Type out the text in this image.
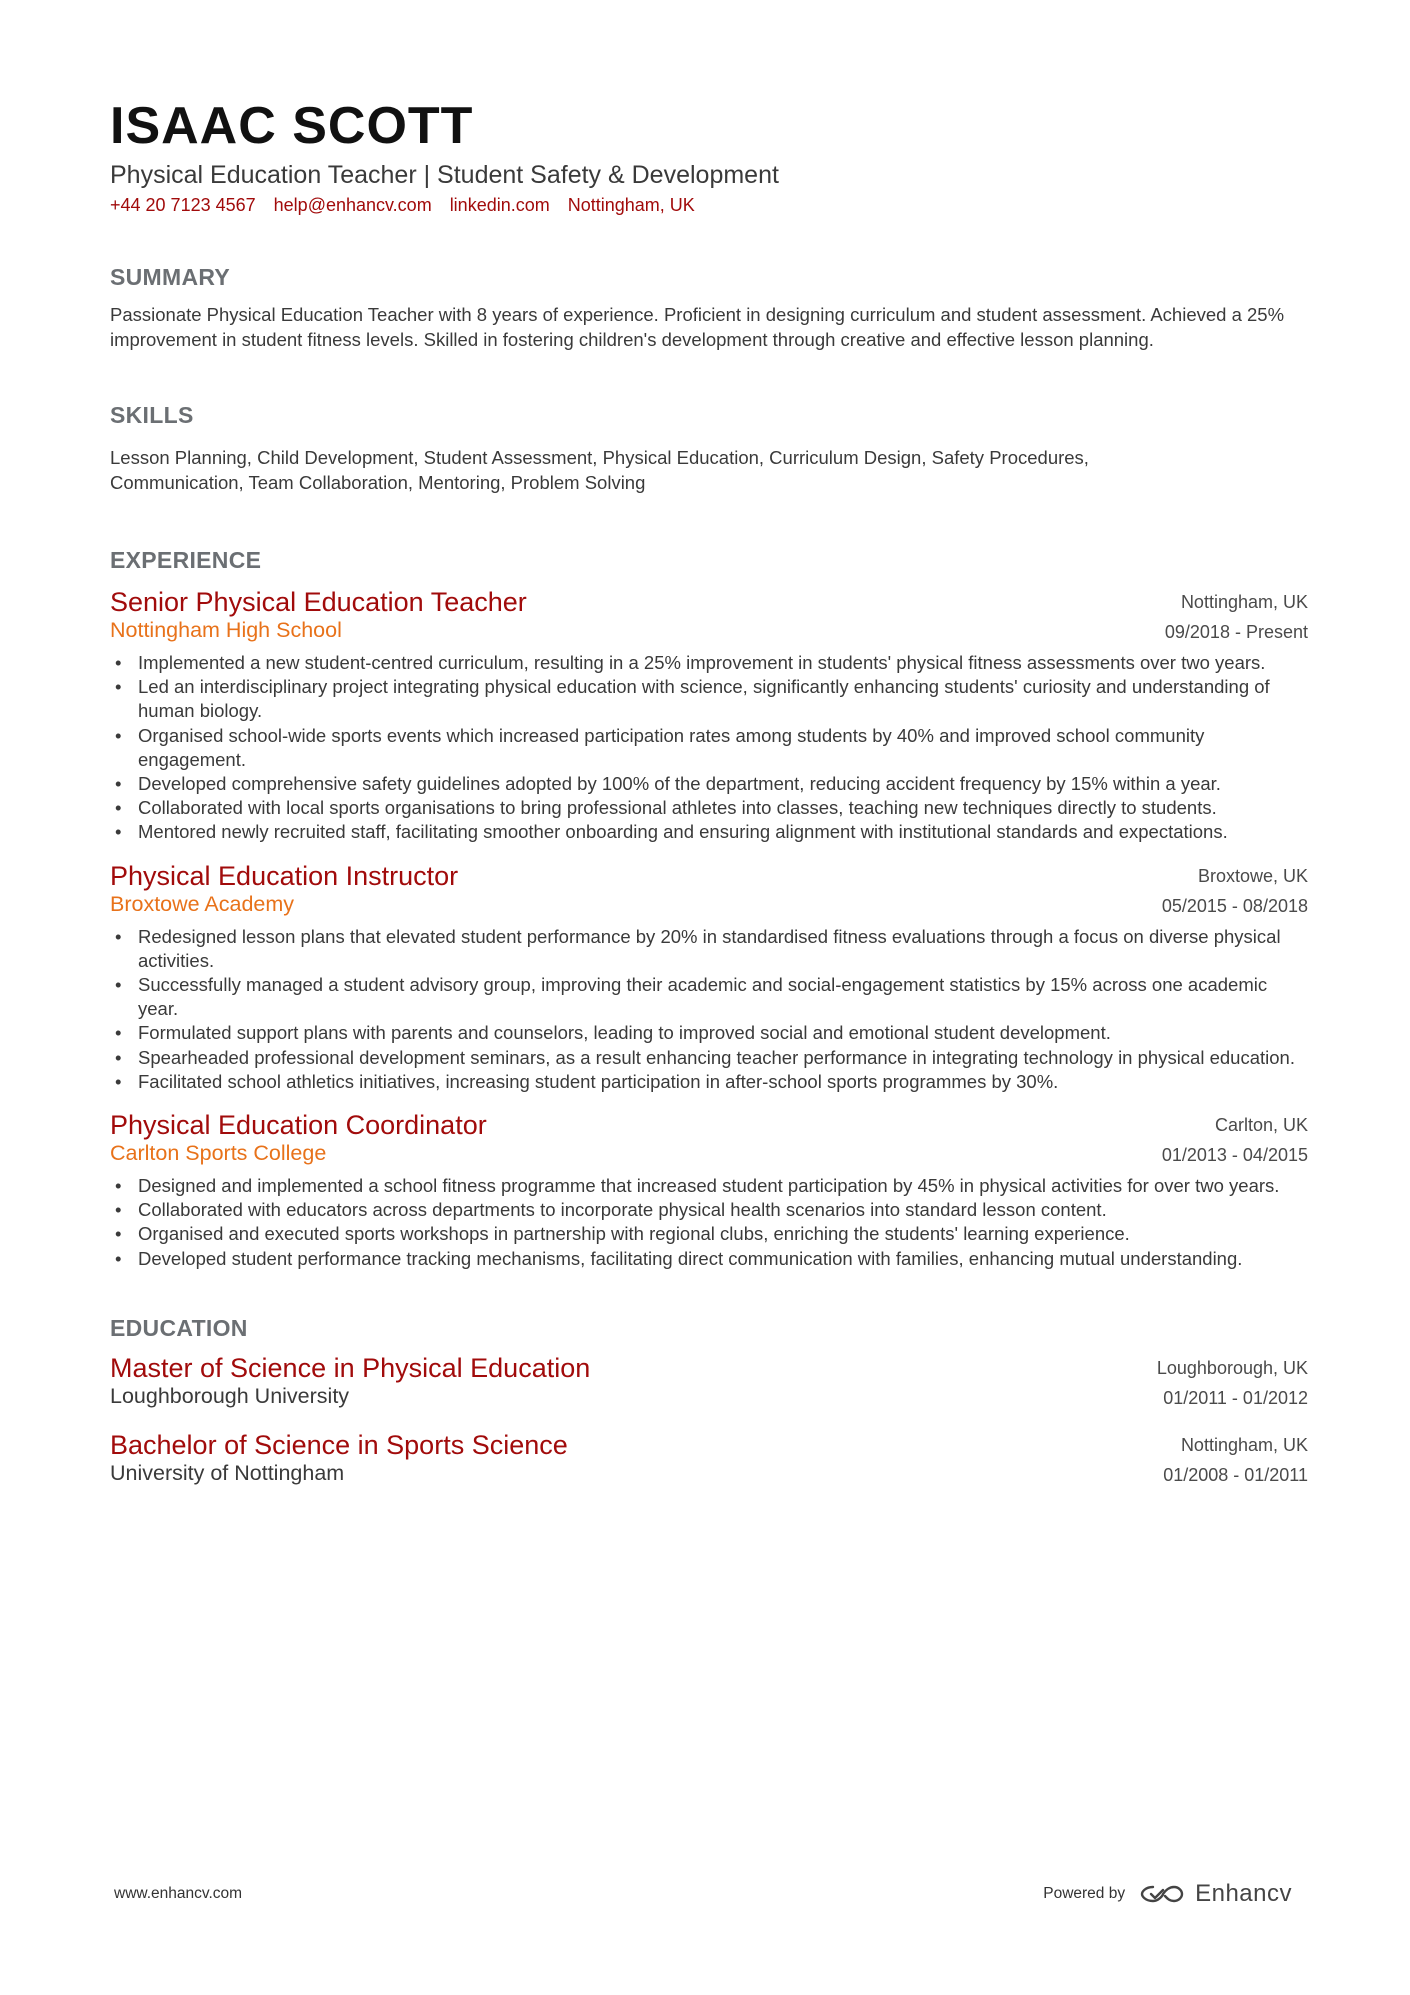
ISAAC SCOTT
Physical Education Teacher | Student Safety & Development
+44 20 7123 4567 help@enhancv.com linkedin.com Nottingham, UK
SUMMARY

Passionate Physical Education Teacher with 8 years of experience. Proficient in designing curriculum and student assessment. Achieved a 25% improvement in student fitness levels. Skilled in fostering children's development through creative and effective lesson planning.

SKILLS
Lesson Planning, Child Development, Student Assessment, Physical Education, Curriculum Design, Safety Procedures,
Communication, Team Collaboration, Mentoring, Problem Solving
EXPERIENCE
Senior Physical Education Teacher
Nottingham High School
Nottingham, UK
09/2018 - Present
• Implemented a new student-centred curriculum, resulting in a 25% improvement in students' physical fitness assessments over two years.
• Led an interdisciplinary project integrating physical education with science, significantly enhancing students' curiosity and understanding of human biology.
• Organised school-wide sports events which increased participation rates among students by 40% and improved school community engagement.
• Developed comprehensive safety guidelines adopted by 100% of the department, reducing accident frequency by 15% within a year.
• Collaborated with local sports organisations to bring professional athletes into classes, teaching new techniques directly to students.
• Mentored newly recruited staff, facilitating smoother onboarding and ensuring alignment with institutional standards and expectations.
Physical Education Instructor
Broxtowe Academy
Broxtowe, UK
05/2015 - 08/2018
• Redesigned lesson plans that elevated student performance by 20% in standardised fitness evaluations through a focus on diverse physical activities.
• Successfully managed a student advisory group, improving their academic and social-engagement statistics by 15% across one academic year.
• Formulated support plans with parents and counselors, leading to improved social and emotional student development.
• Spearheaded professional development seminars, as a result enhancing teacher performance in integrating technology in physical education.
• Facilitated school athletics initiatives, increasing student participation in after-school sports programmes by 30%.
Physical Education Coordinator
Carlton Sports College
Carlton, UK
01/2013 - 04/2015
• Designed and implemented a school fitness programme that increased student participation by 45% in physical activities for over two years.
• Collaborated with educators across departments to incorporate physical health scenarios into standard lesson content.
• Organised and executed sports workshops in partnership with regional clubs, enriching the students' learning experience.
• Developed student performance tracking mechanisms, facilitating direct communication with families, enhancing mutual understanding.
EDUCATION
Master of Science in Physical Education
Loughborough University
Loughborough, UK
01/2011 - 01/2012
Bachelor of Science in Sports Science
University of Nottingham
Nottingham, UK
01/2008 - 01/2011
www.enhancv.com	Powered by	Enhancv
